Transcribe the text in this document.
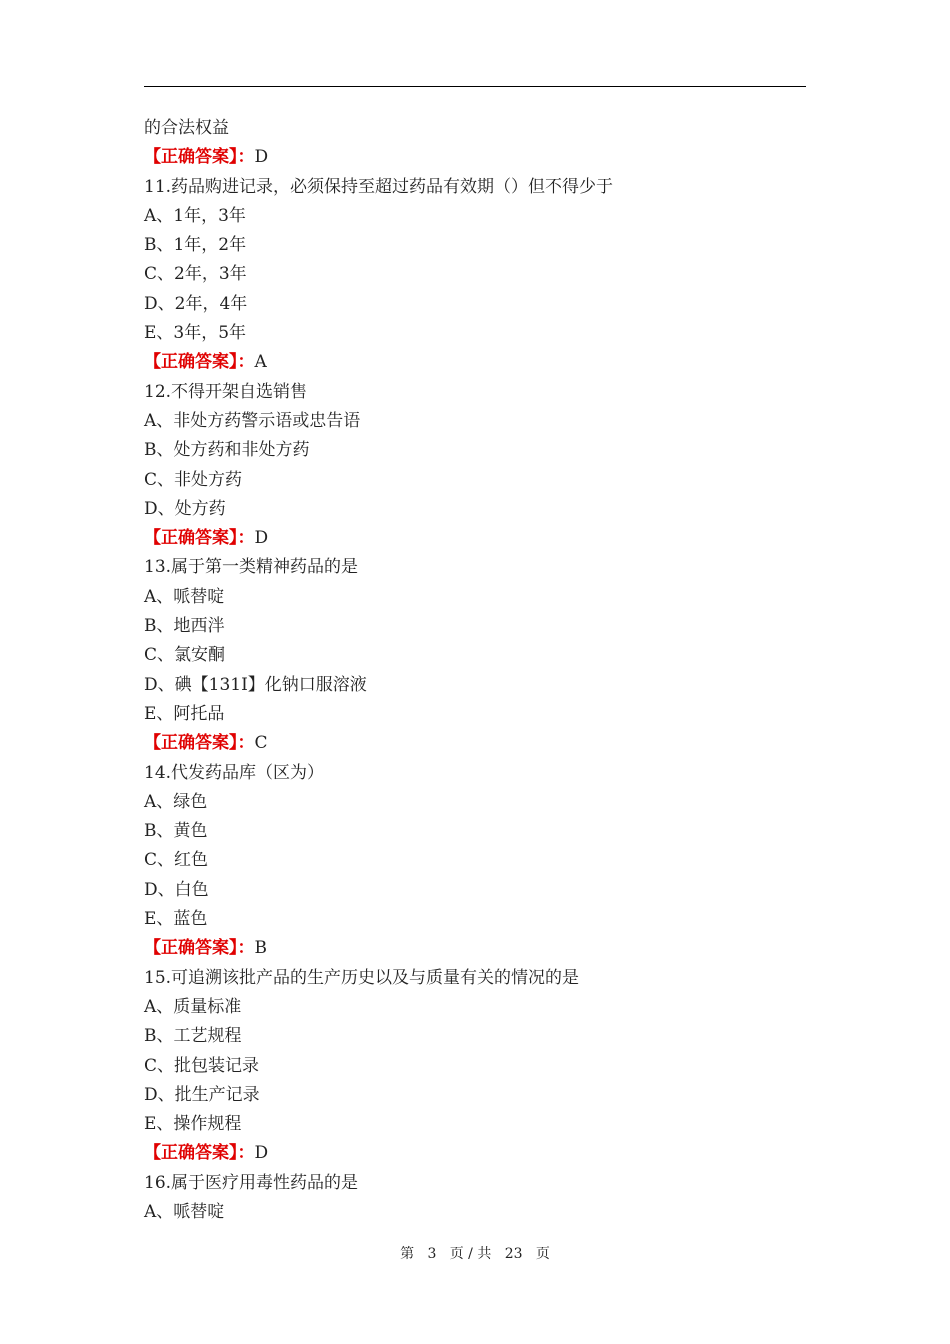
的合法权益
【正确答案】：D
11.药品购进记录，必须保持至超过药品有效期（）但不得少于
A、1年，3年
B、1年，2年
C、2年，3年
D、2年，4年
E、3年，5年
【正确答案】：A
12.不得开架自选销售
A、非处方药警示语或忠告语
B、处方药和非处方药
C、非处方药
D、处方药
【正确答案】：D
13.属于第一类精神药品的是
A、哌替啶
B、地西泮
C、氯安酮
D、碘【131I】化钠口服溶液
E、阿托品
【正确答案】：C
14.代发药品库（区为）
A、绿色
B、黄色
C、红色
D、白色
E、蓝色
【正确答案】：B
15.可追溯该批产品的生产历史以及与质量有关的情况的是
A、质量标准
B、工艺规程
C、批包装记录
D、批生产记录
E、操作规程
【正确答案】：D
16.属于医疗用毒性药品的是
A、哌替啶
第 3 页 / 共 23 页
